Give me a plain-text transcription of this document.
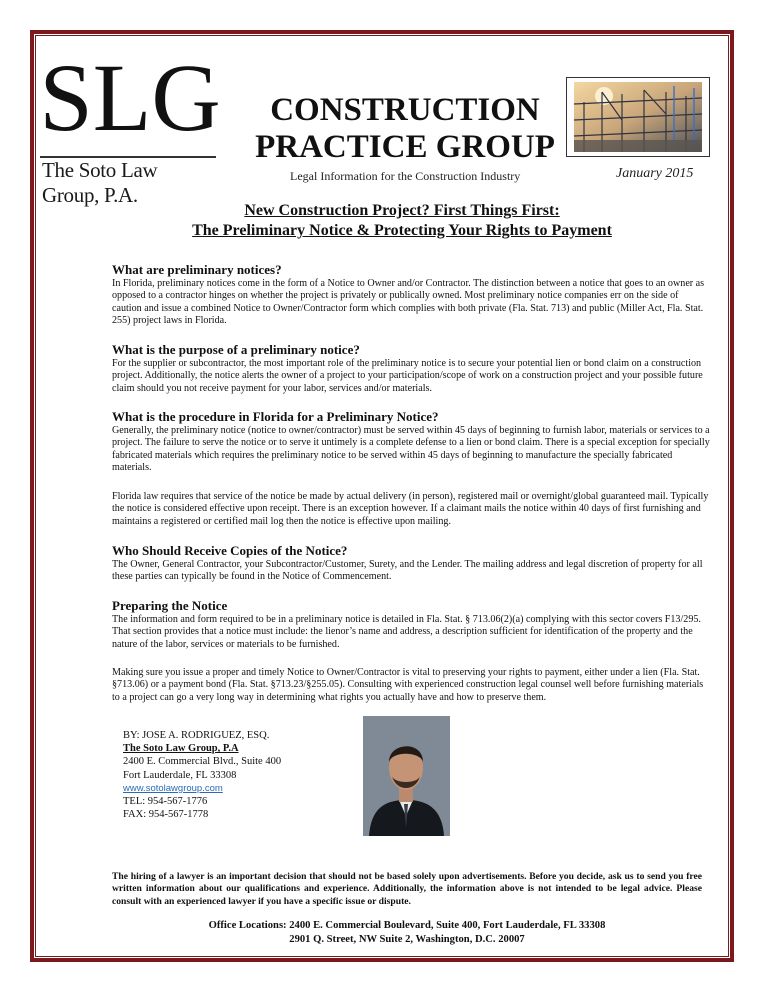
SLG
The Soto Law Group, P.A.
CONSTRUCTION
PRACTICE GROUP
Legal Information for the Construction Industry	January 2015
New Construction Project? First Things First:
The Preliminary Notice & Protecting Your Rights to Payment
What are preliminary notices?
In Florida, preliminary notices come in the form of a Notice to Owner and/or Contractor. The distinction between a notice that goes to an owner as opposed to a contractor hinges on whether the project is privately or publically owned. Most preliminary notice companies err on the side of caution and issue a combined Notice to Owner/Contractor form which complies with both private (Fla. Stat. 713) and public (Miller Act, Fla. Stat. 255) project laws in Florida.
What is the purpose of a preliminary notice?
For the supplier or subcontractor, the most important role of the preliminary notice is to secure your potential lien or bond claim on a construction project. Additionally, the notice alerts the owner of a project to your participation/scope of work on a construction project and your possible future claim should you not receive payment for your labor, services and/or materials.
What is the procedure in Florida for a Preliminary Notice?
Generally, the preliminary notice (notice to owner/contractor) must be served within 45 days of beginning to furnish labor, materials or services to a project. The failure to serve the notice or to serve it untimely is a complete defense to a lien or bond claim. There is a special exception for specially fabricated materials which requires the preliminary notice to be served within 45 days of beginning to manufacture the specially fabricated materials.
Florida law requires that service of the notice be made by actual delivery (in person), registered mail or overnight/global guaranteed mail. Typically the notice is considered effective upon receipt. There is an exception however. If a claimant mails the notice within 40 days of first furnishing and maintains a registered or certified mail log then the notice is effective upon mailing.
Who Should Receive Copies of the Notice?
The Owner, General Contractor, your Subcontractor/Customer, Surety, and the Lender. The mailing address and legal discretion of property for all these parties can typically be found in the Notice of Commencement.
Preparing the Notice
The information and form required to be in a preliminary notice is detailed in Fla. Stat. § 713.06(2)(a) complying with this sector covers F13/295. That section provides that a notice must include: the lienor’s name and address, a description sufficient for identification of the property and the nature of the labor, services or materials to be furnished.
Making sure you issue a proper and timely Notice to Owner/Contractor is vital to preserving your rights to payment, either under a lien (Fla. Stat. §713.06) or a payment bond (Fla. Stat. §713.23/§255.05). Consulting with experienced construction legal counsel well before furnishing materials to a project can go a very long way in determining what rights you actually have and how to preserve them.
BY: JOSE A. RODRIGUEZ, ESQ.
The Soto Law Group, P.A
2400 E. Commercial Blvd., Suite 400
Fort Lauderdale, FL 33308
www.sotolawgroup.com
TEL: 954-567-1776
FAX: 954-567-1778
The hiring of a lawyer is an important decision that should not be based solely upon advertisements. Before you decide, ask us to send you free written information about our qualifications and experience. Additionally, the information above is not intended to be legal advice. Please consult with an experienced lawyer if you have a specific issue or dispute.
Office Locations: 2400 E. Commercial Boulevard, Suite 400, Fort Lauderdale, FL 33308
2901 Q. Street, NW Suite 2, Washington, D.C. 20007
